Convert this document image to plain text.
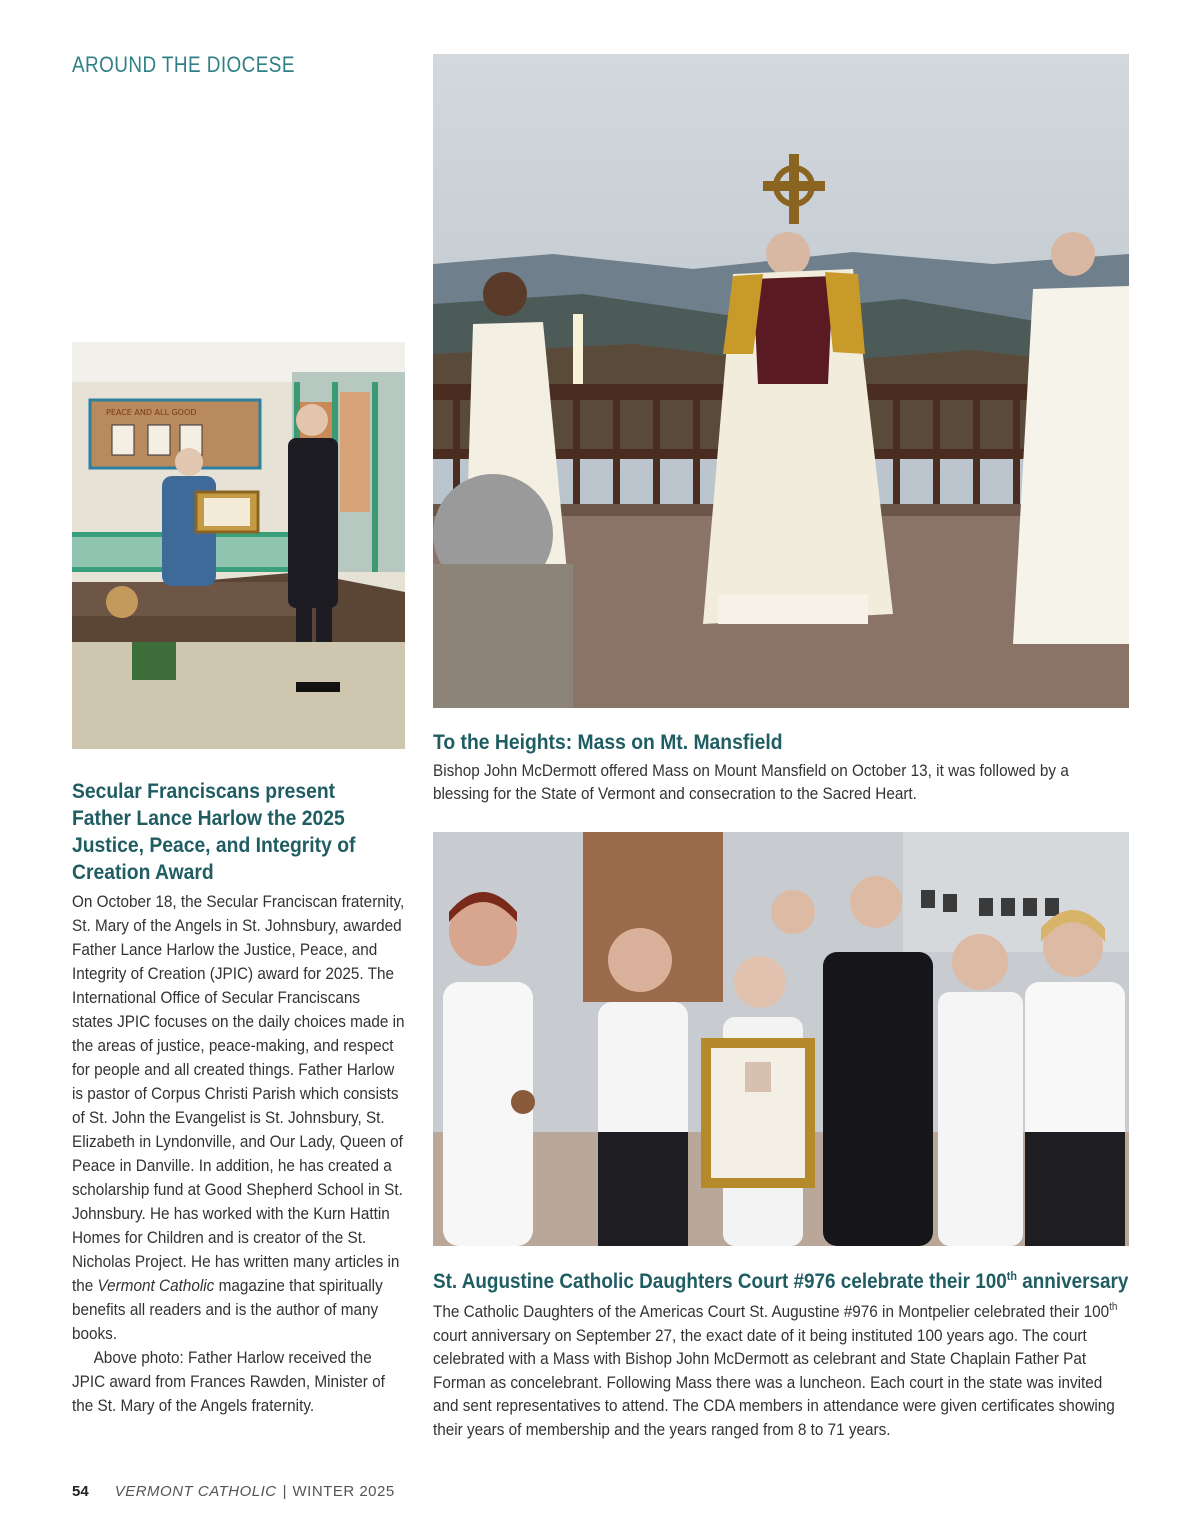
AROUND THE DIOCESE
PEACE AND ALL GOOD
Secular Franciscans present Father Lance Harlow the 2025 Justice, Peace, and Integrity of Creation Award

On October 18, the Secular Franciscan fraternity, St. Mary of the Angels in St. Johnsbury, awarded Father Lance Harlow the Justice, Peace, and Integrity of Creation (JPIC) award for 2025. The International Office of Secular Franciscans states JPIC focuses on the daily choices made in the areas of justice, peace-making, and respect for people and all created things. Father Harlow is pastor of Corpus Christi Parish which consists of St. John the Evangelist is St. Johnsbury, St. Elizabeth in Lyndonville, and Our Lady, Queen of Peace in Danville. In addition, he has created a scholarship fund at Good Shepherd School in St. Johnsbury. He has worked with the Kurn Hattin Homes for Children and is creator of the St. Nicholas Project. He has written many articles in the Vermont Catholic magazine that spiritually benefits all readers and is the author of many books.

Above photo: Father Harlow received the JPIC award from Frances Rawden, Minister of the St. Mary of the Angels fraternity.

To the Heights: Mass on Mt. Mansfield
Bishop John McDermott offered Mass on Mount Mansfield on October 13, it was followed by a blessing for the State of Vermont and consecration to the Sacred Heart.
St. Augustine Catholic Daughters Court #976 celebrate their 100th anniversary
The Catholic Daughters of the Americas Court St. Augustine #976 in Montpelier celebrated their 100th court anniversary on September 27, the exact date of it being instituted 100 years ago. The court celebrated with a Mass with Bishop John McDermott as celebrant and State Chaplain Father Pat Forman as concelebrant. Following Mass there was a luncheon. Each court in the state was invited and sent representatives to attend. The CDA members in attendance were given certificates showing their years of membership and the years ranged from 8 to 71 years.
54 VERMONT CATHOLIC | WINTER 2025
